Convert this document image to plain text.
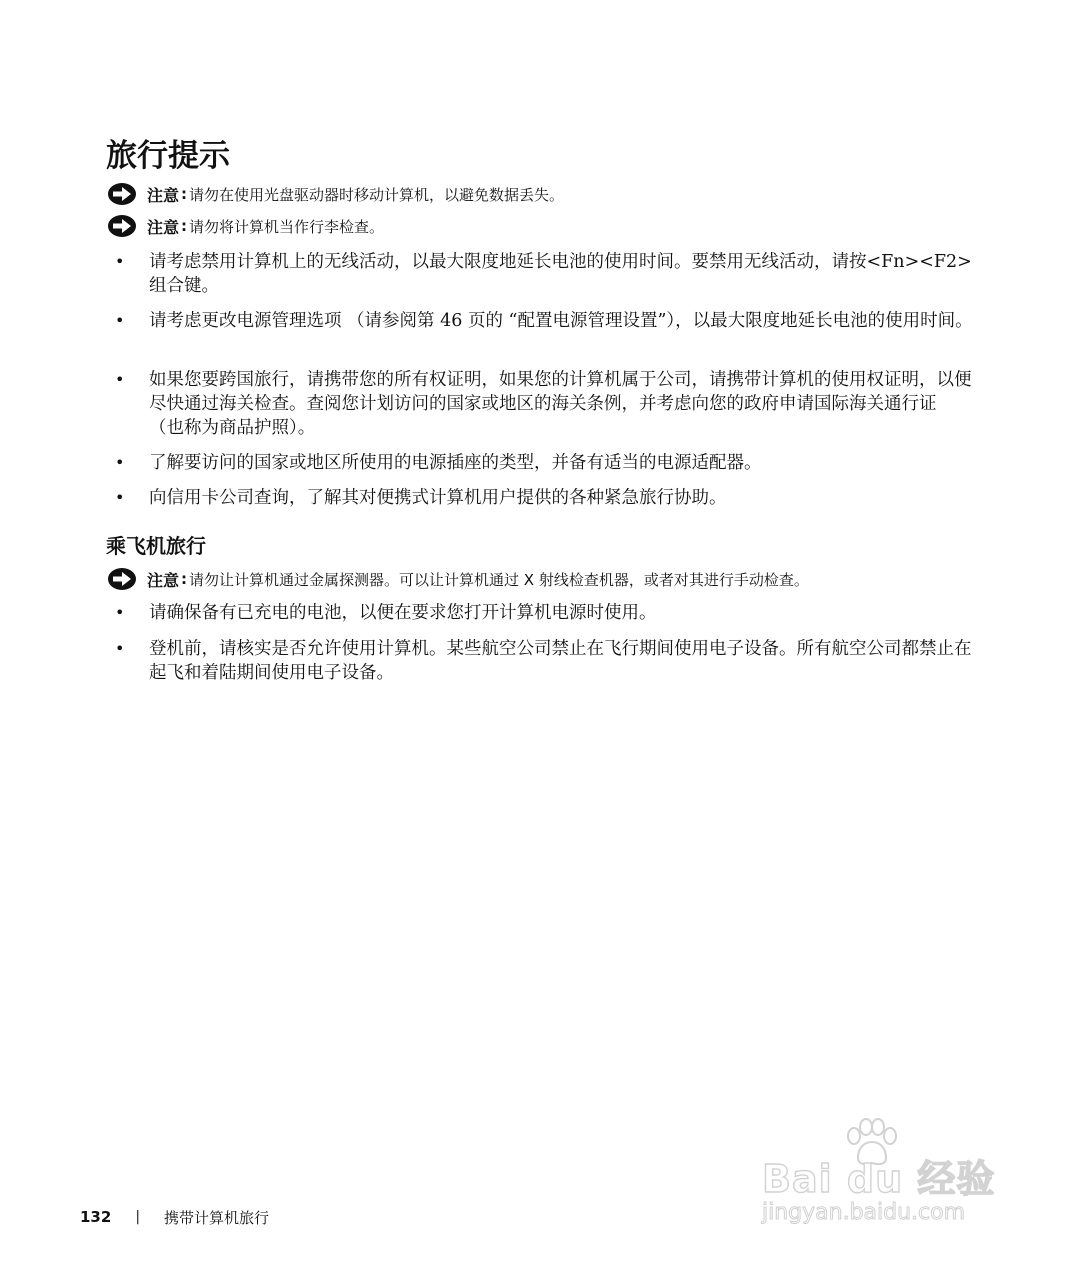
旅行提示
注意 : 请勿在使用光盘驱动器时移动计算机，以避免数据丢失。
注意 : 请勿将计算机当作行李检查。
•	请考虑禁用计算机上的无线活动，以最大限度地延长电池的使用时间。要禁用无线活动，请按<Fn><F2> 组合键。
•	请考虑更改电源管理选项 （请参阅第 46 页的 “配置电源管理设置”），以最大限度地延长电池的使用时间。
•	如果您要跨国旅行，请携带您的所有权证明，如果您的计算机属于公司，请携带计算机的使用权证明，以便尽快通过海关检查。查阅您计划访问的国家或地区的海关条例，并考虑向您的政府申请国际海关通行证 （也称为商品护照）。
•	了解要访问的国家或地区所使用的电源插座的类型，并备有适当的电源适配器。
•	向信用卡公司查询，了解其对便携式计算机用户提供的各种紧急旅行协助。
乘飞机旅行
注意 : 请勿让计算机通过金属探测器。可以让计算机通过 X 射线检查机器，或者对其进行手动检查。
•	请确保备有已充电的电池，以便在要求您打开计算机电源时使用。
•	登机前，请核实是否允许使用计算机。某些航空公司禁止在飞行期间使用电子设备。所有航空公司都禁止在起飞和着陆期间使用电子设备。
132 | 携带计算机旅行
Bai du 经验
jingyan.baidu.com
